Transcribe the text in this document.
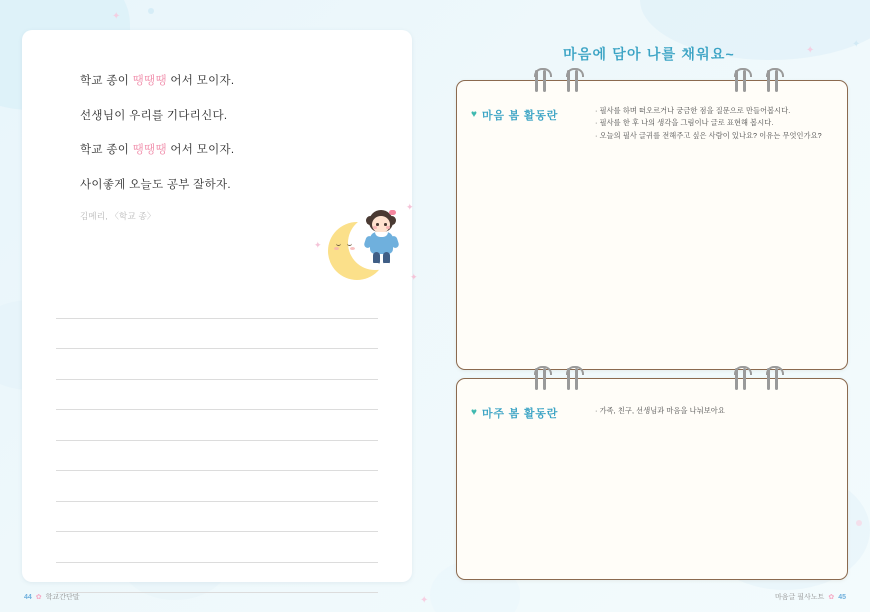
✦
✦
✦
✦
학교 종이 땡땡땡 어서 모이자.
선생님이 우리를 기다리신다.
학교 종이 땡땡땡 어서 모이자.
사이좋게 오늘도 공부 잘하자.
김메리, 〈학교 종〉
✦
✦
✦
마음에 담아 나를 채워요~
♥ 마음 봄 활동란	· 필사를 하며 떠오르거나 궁금한 점을 질문으로 만들어봅시다.
· 필사를 한 후 나의 생각을 그림이나 글로 표현해 봅시다.
· 오늘의 필사 글귀를 전해주고 싶은 사람이 있나요? 이유는 무엇인가요?
♥ 마주 봄 활동란	· 가족, 친구, 선생님과 마음을 나눠보아요
44 ✿ 학교간단말	마음글 필사노트 ✿ 45
